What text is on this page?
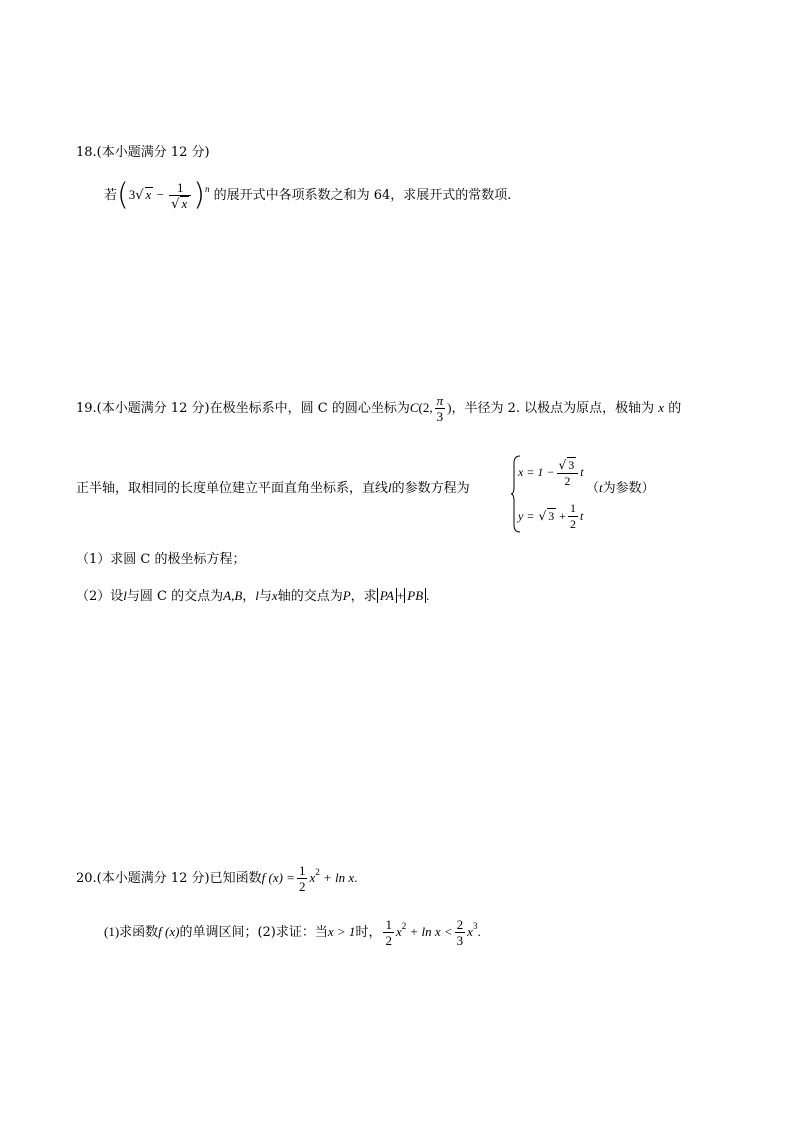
18.(本小题满分 12 分)
若(3√ $x - \frac{1}{√ x} )^n$ 的展开式中各项系数之和为 64，求展开式的常数项.
19.(本小题满分 12 分)在极坐标系中，圆 C 的圆心坐标为C(2, $\frac{\pi}{3}$ )，半径为 2. 以极点为原点，极轴为 x 的
正半轴，取相同的长度单位建立平面直角坐标系，直线l的参数方程为
$x = 1 - \frac{√ 3}{2}$ t
y = √ $3 + \frac{1}{2}$ t
（t为参数）
（1）求圆 C 的极坐标方程；
（2）设l与圆 C 的交点为A,B，l与x轴的交点为P，求 PA + PB .
20.(本小题满分 12 分)已知函数f $(x) = \frac{1}{2} x^2 + \ln x$.
(1)求函数f (x)的单调区间；(2)求证：当x > 1时， $\frac{1}{2} x^2 + \ln x < \frac{2}{3} x^3$.
